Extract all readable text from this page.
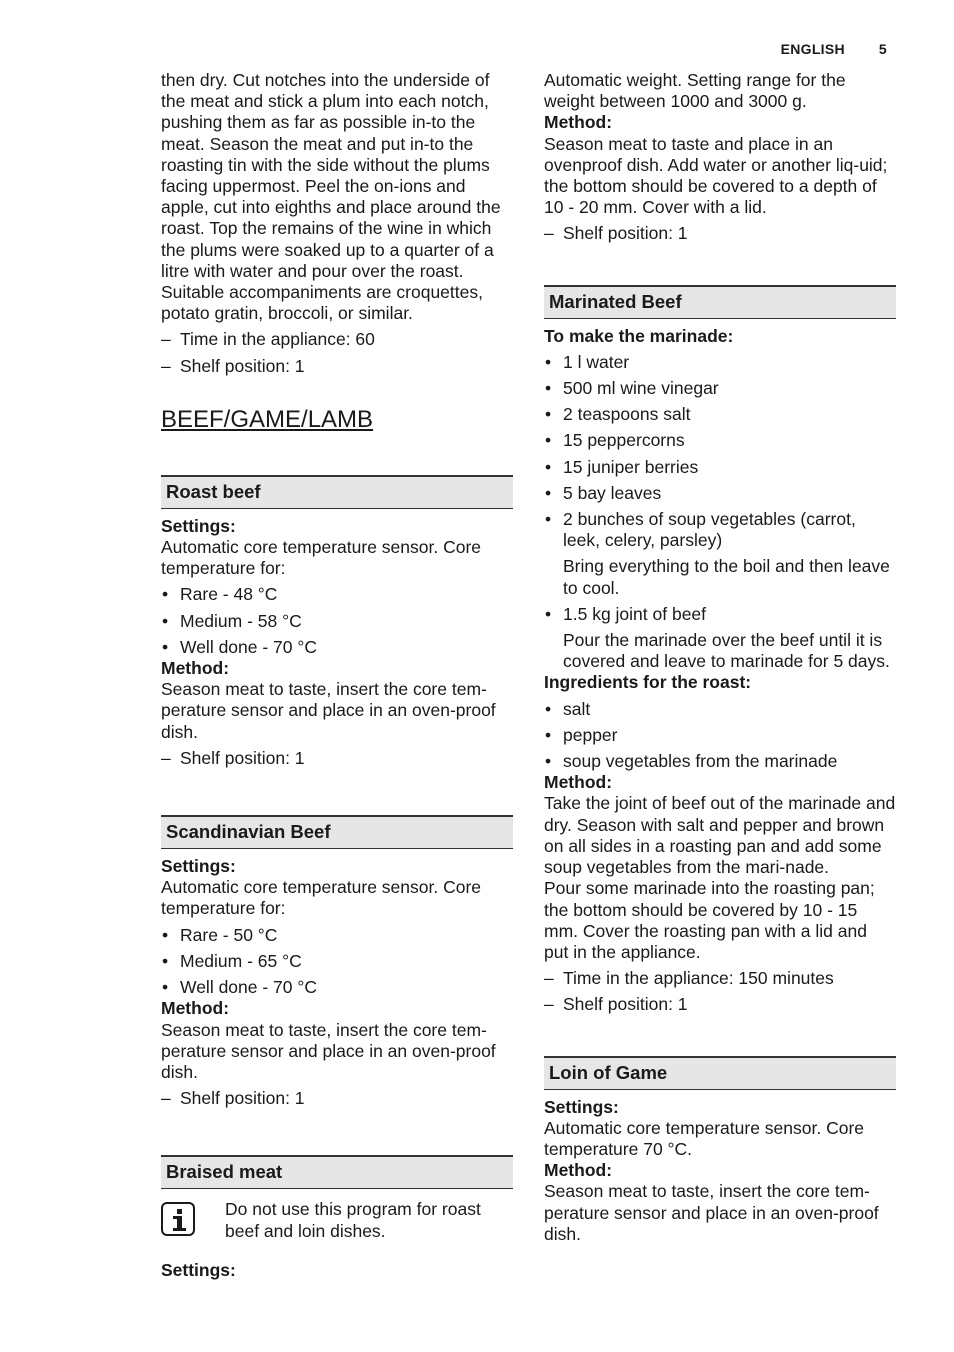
ENGLISH 5

then dry. Cut notches into the underside of the meat and stick a plum into each notch, pushing them as far as possible in-to the meat. Season the meat and put in-to the roasting tin with the side without the plums facing uppermost. Peel the on-ions and apple, cut into eighths and place around the roast. Top the remains of the wine in which the plums were soaked up to a quarter of a litre with water and pour over the roast. Suitable accompaniments are croquettes, potato gratin, broccoli, or similar.

– Time in the appliance: 60
– Shelf position: 1
BEEF/GAME/LAMB
Roast beef

Settings:

Automatic core temperature sensor. Core temperature for:

• Rare - 48 °C
• Medium - 58 °C
• Well done - 70 °C

Method:

Season meat to taste, insert the core tem-perature sensor and place in an oven-proof dish.

– Shelf position: 1
Scandinavian Beef

Settings:

Automatic core temperature sensor. Core temperature for:

• Rare - 50 °C
• Medium - 65 °C
• Well done - 70 °C

Method:

Season meat to taste, insert the core tem-perature sensor and place in an oven-proof dish.

– Shelf position: 1
Braised meat

Do not use this program for roast beef and loin dishes.

Settings:

Automatic weight. Setting range for the weight between 1000 and 3000 g.

Method:

Season meat to taste and place in an ovenproof dish. Add water or another liq-uid; the bottom should be covered to a depth of 10 - 20 mm. Cover with a lid.

– Shelf position: 1
Marinated Beef

To make the marinade:

• 1 l water
• 500 ml wine vinegar
• 2 teaspoons salt
• 15 peppercorns
• 15 juniper berries
• 5 bay leaves
• 2 bunches of soup vegetables (carrot, leek, celery, parsley)

Bring everything to the boil and then leave to cool.

• 1.5 kg joint of beef

Pour the marinade over the beef until it is covered and leave to marinade for 5 days.

Ingredients for the roast:

• salt
• pepper
• soup vegetables from the marinade

Method:

Take the joint of beef out of the marinade and dry. Season with salt and pepper and brown on all sides in a roasting pan and add some soup vegetables from the mari-nade.

Pour some marinade into the roasting pan; the bottom should be covered by 10 - 15 mm. Cover the roasting pan with a lid and put in the appliance.

– Time in the appliance: 150 minutes
– Shelf position: 1
Loin of Game

Settings:

Automatic core temperature sensor. Core temperature 70 °C.

Method:

Season meat to taste, insert the core tem-perature sensor and place in an oven-proof dish.
